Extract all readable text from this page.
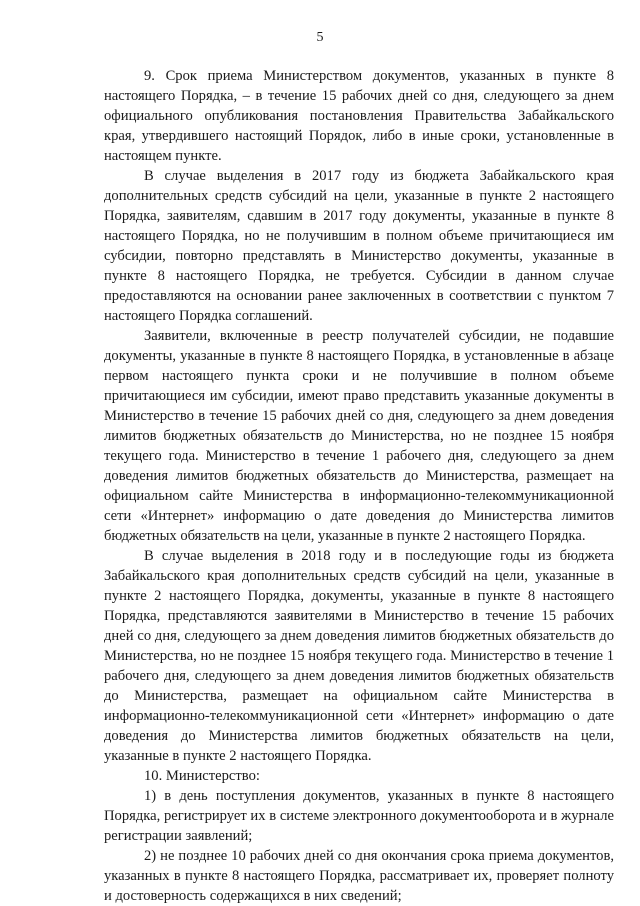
5

9. Срок приема Министерством документов, указанных в пункте 8 настоящего Порядка, – в течение 15 рабочих дней со дня, следующего за днем официального опубликования постановления Правительства Забайкальского края, утвердившего настоящий Порядок, либо в иные сроки, установленные в настоящем пункте.

В случае выделения в 2017 году из бюджета Забайкальского края дополнительных средств субсидий на цели, указанные в пункте 2 настоящего Порядка, заявителям, сдавшим в 2017 году документы, указанные в пункте 8 настоящего Порядка, но не получившим в полном объеме причитающиеся им субсидии, повторно представлять в Министерство документы, указанные в пункте 8 настоящего Порядка, не требуется. Субсидии в данном случае предоставляются на основании ранее заключенных в соответствии с пунктом 7 настоящего Порядка соглашений.

Заявители, включенные в реестр получателей субсидии, не подавшие документы, указанные в пункте 8 настоящего Порядка, в установленные в абзаце первом настоящего пункта сроки и не получившие в полном объеме причитающиеся им субсидии, имеют право представить указанные документы в Министерство в течение 15 рабочих дней со дня, следующего за днем доведения лимитов бюджетных обязательств до Министерства, но не позднее 15 ноября текущего года. Министерство в течение 1 рабочего дня, следующего за днем доведения лимитов бюджетных обязательств до Министерства, размещает на официальном сайте Министерства в информационно-телекоммуникационной сети «Интернет» информацию о дате доведения до Министерства лимитов бюджетных обязательств на цели, указанные в пункте 2 настоящего Порядка.

В случае выделения в 2018 году и в последующие годы из бюджета Забайкальского края дополнительных средств субсидий на цели, указанные в пункте 2 настоящего Порядка, документы, указанные в пункте 8 настоящего Порядка, представляются заявителями в Министерство в течение 15 рабочих дней со дня, следующего за днем доведения лимитов бюджетных обязательств до Министерства, но не позднее 15 ноября текущего года. Министерство в течение 1 рабочего дня, следующего за днем доведения лимитов бюджетных обязательств до Министерства, размещает на официальном сайте Министерства в информационно-телекоммуникационной сети «Интернет» информацию о дате доведения до Министерства лимитов бюджетных обязательств на цели, указанные в пункте 2 настоящего Порядка.

10. Министерство:

1) в день поступления документов, указанных в пункте 8 настоящего Порядка, регистрирует их в системе электронного документооборота и в журнале регистрации заявлений;

2) не позднее 10 рабочих дней со дня окончания срока приема документов, указанных в пункте 8 настоящего Порядка, рассматривает их, проверяет полноту и достоверность содержащихся в них сведений;
